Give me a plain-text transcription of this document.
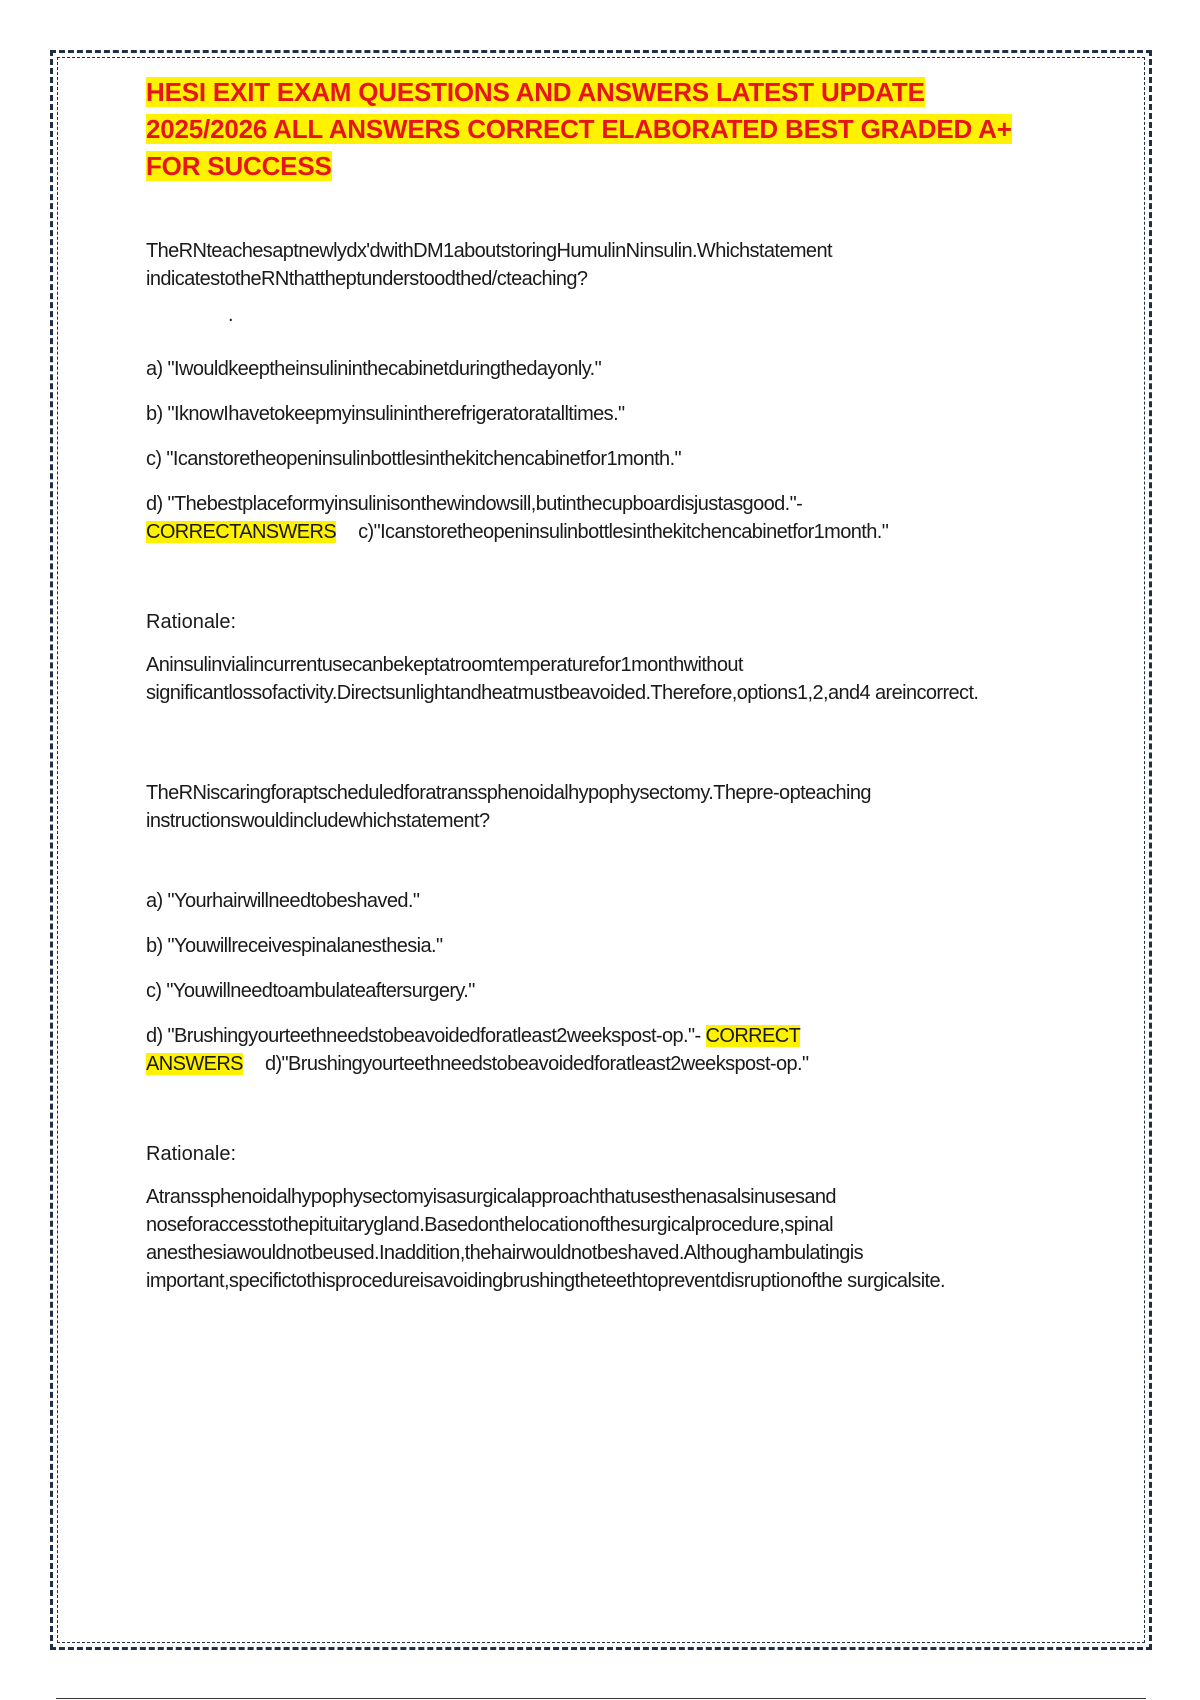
HESI EXIT EXAM QUESTIONS AND ANSWERS LATEST UPDATE
2025/2026 ALL ANSWERS CORRECT ELABORATED BEST GRADED A+
FOR SUCCESS

TheRNteachesaptnewlydx'dwithDM1aboutstoringHumulinNinsulin.Whichstatement indicatestotheRNthattheptunderstoodthed/cteaching?

.

a) "Iwouldkeeptheinsulininthecabinetduringthedayonly."

b) "IknowIhavetokeepmyinsulinintherefrigeratoratalltimes."

c) "Icanstoretheopeninsulinbottlesinthekitchencabinetfor1month."

d) "Thebestplaceformyinsulinisonthewindowsill,butinthecupboardisjustasgood."-
CORRECTANSWERS c)"Icanstoretheopeninsulinbottlesinthekitchencabinetfor1month."

Rationale:

Aninsulinvialincurrentusecanbekeptatroomtemperaturefor1monthwithout significantlossofactivity.Directsunlightandheatmustbeavoided.Therefore,options1,2,and4 areincorrect.

TheRNiscaringforaptscheduledforatranssphenoidalhypophysectomy.Thepre-opteaching instructionswouldincludewhichstatement?

a) "Yourhairwillneedtobeshaved."

b) "Youwillreceivespinalanesthesia."

c) "Youwillneedtoambulateaftersurgery."

d) "Brushingyourteethneedstobeavoidedforatleast2weekspost-op."- CORRECT
ANSWERS d)"Brushingyourteethneedstobeavoidedforatleast2weekspost-op."

Rationale:

Atranssphenoidalhypophysectomyisasurgicalapproachthatusesthenasalsinusesand noseforaccesstothepituitarygland.Basedonthelocationofthesurgicalprocedure,spinal anesthesiawouldnotbeused.Inaddition,thehairwouldnotbeshaved.Althoughambulatingis important,specifictothisprocedureisavoidingbrushingtheteethtopreventdisruptionofthe surgicalsite.
